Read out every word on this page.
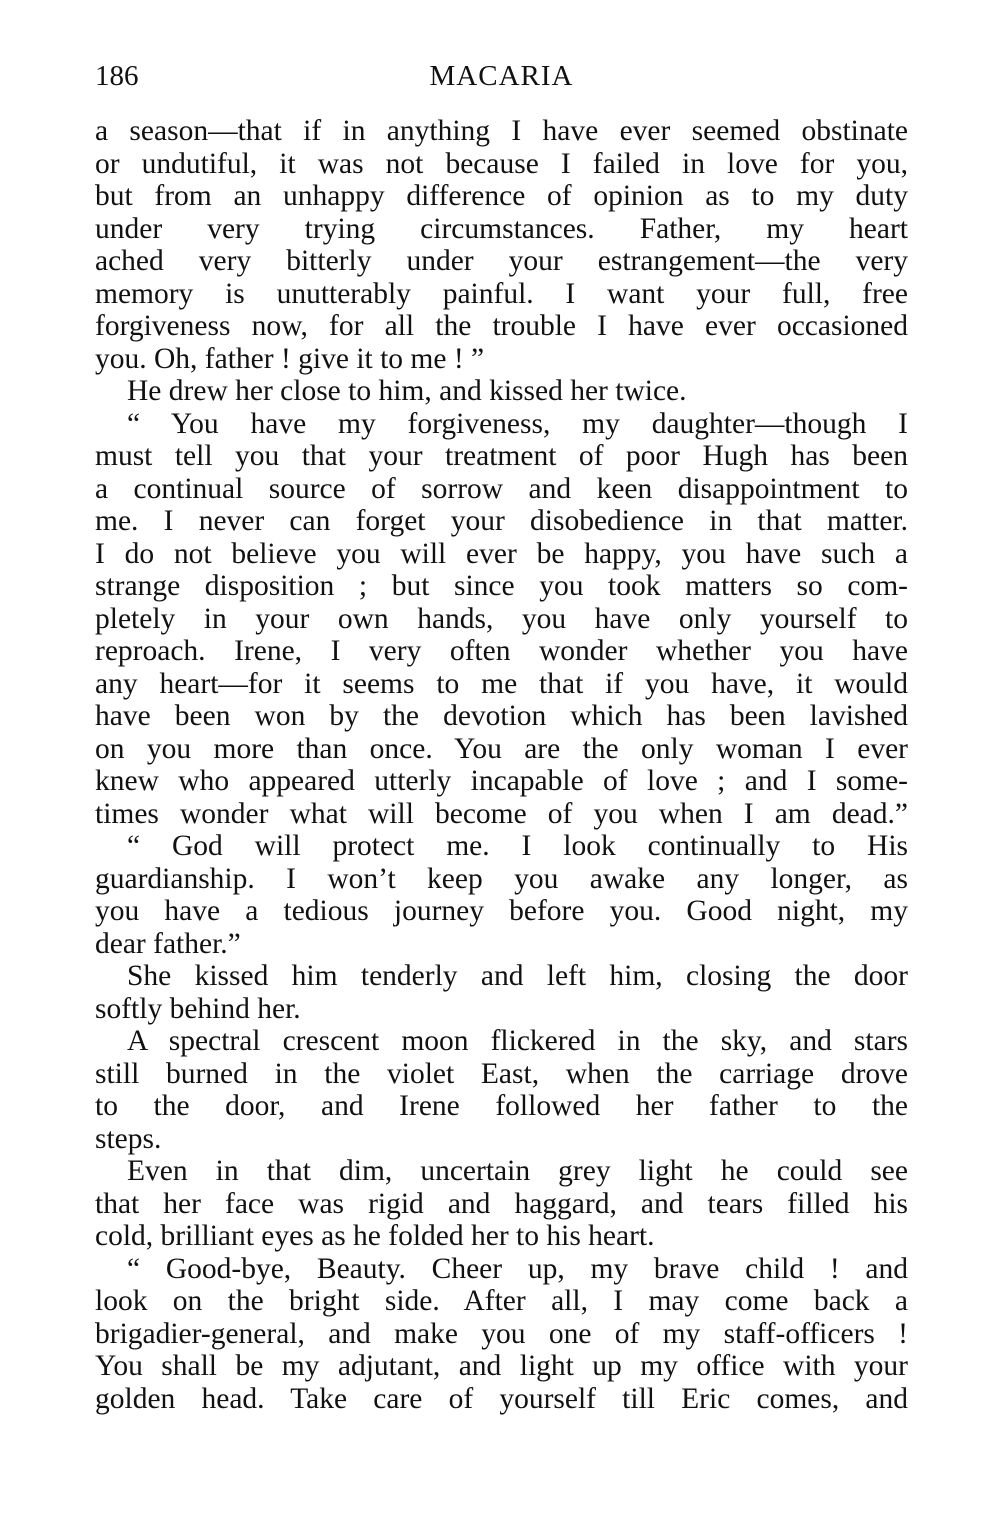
186	MACARIA
a season—that if in anything I have ever seemed obstinate
or undutiful, it was not because I failed in love for you,
but from an unhappy difference of opinion as to my duty
under very trying circumstances. Father, my heart
ached very bitterly under your estrangement—the very
memory is unutterably painful. I want your full, free
forgiveness now, for all the trouble I have ever occasioned
you. Oh, father ! give it to me ! ”
He drew her close to him, and kissed her twice.
“ You have my forgiveness, my daughter—though I
must tell you that your treatment of poor Hugh has been
a continual source of sorrow and keen disappointment to
me. I never can forget your disobedience in that matter.
I do not believe you will ever be happy, you have such a
strange disposition ; but since you took matters so com-
pletely in your own hands, you have only yourself to
reproach. Irene, I very often wonder whether you have
any heart—for it seems to me that if you have, it would
have been won by the devotion which has been lavished
on you more than once. You are the only woman I ever
knew who appeared utterly incapable of love ; and I some-
times wonder what will become of you when I am dead.”
“ God will protect me. I look continually to His
guardianship. I won’t keep you awake any longer, as
you have a tedious journey before you. Good night, my
dear father.”
She kissed him tenderly and left him, closing the door
softly behind her.
A spectral crescent moon flickered in the sky, and stars
still burned in the violet East, when the carriage drove
to the door, and Irene followed her father to the
steps.
Even in that dim, uncertain grey light he could see
that her face was rigid and haggard, and tears filled his
cold, brilliant eyes as he folded her to his heart.
“ Good-bye, Beauty. Cheer up, my brave child ! and
look on the bright side. After all, I may come back a
brigadier-general, and make you one of my staff-officers !
You shall be my adjutant, and light up my office with your
golden head. Take care of yourself till Eric comes, and
